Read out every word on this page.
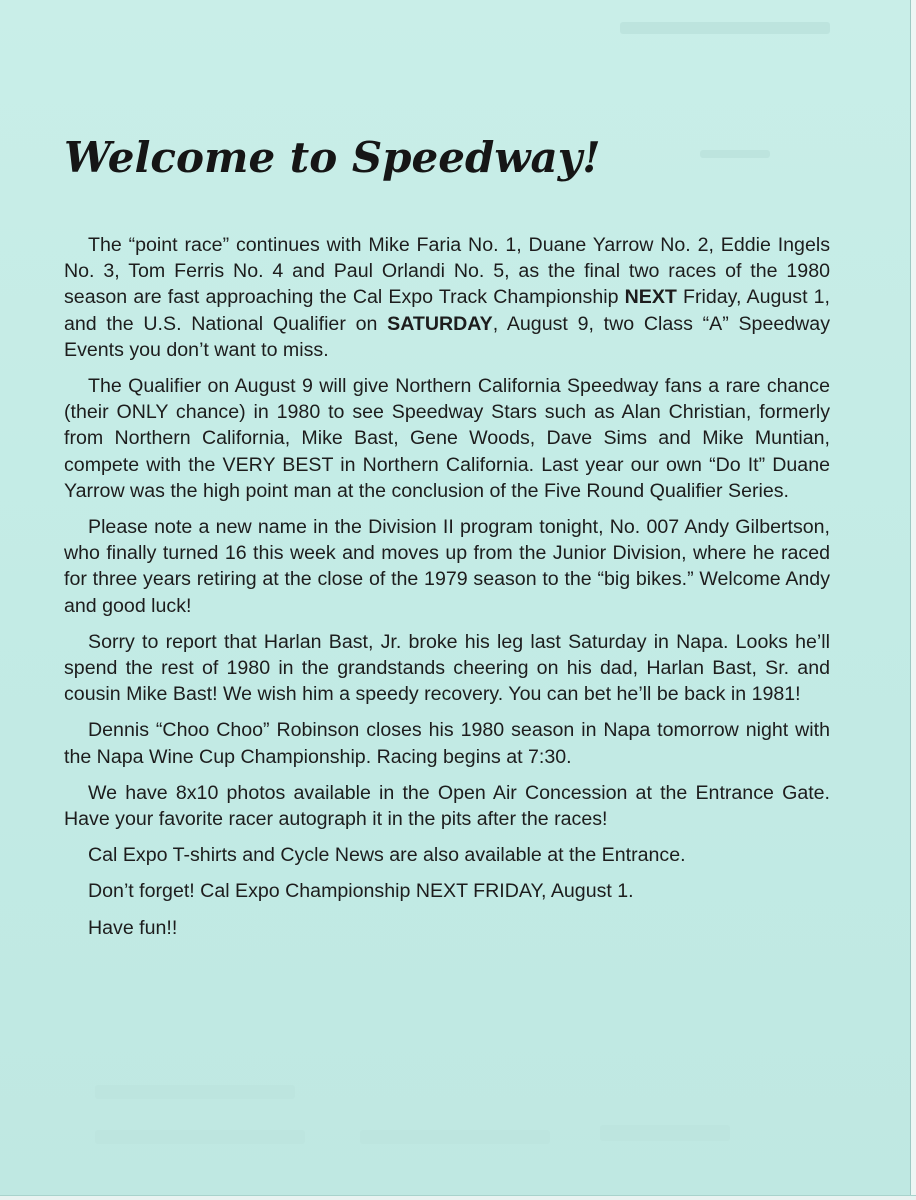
Welcome to Speedway!

The “point race” continues with Mike Faria No. 1, Duane Yarrow No. 2, Eddie Ingels No. 3, Tom Ferris No. 4 and Paul Orlandi No. 5, as the final two races of the 1980 season are fast approaching the Cal Expo Track Championship NEXT Friday, August 1, and the U.S. National Qualifier on SATURDAY, August 9, two Class “A” Speedway Events you don’t want to miss.

The Qualifier on August 9 will give Northern California Speedway fans a rare chance (their ONLY chance) in 1980 to see Speedway Stars such as Alan Christian, formerly from Northern California, Mike Bast, Gene Woods, Dave Sims and Mike Muntian, compete with the VERY BEST in Northern California. Last year our own “Do It” Duane Yarrow was the high point man at the conclusion of the Five Round Qualifier Series.

Please note a new name in the Division II program tonight, No. 007 Andy Gilbertson, who finally turned 16 this week and moves up from the Junior Division, where he raced for three years retiring at the close of the 1979 season to the “big bikes.” Welcome Andy and good luck!

Sorry to report that Harlan Bast, Jr. broke his leg last Saturday in Napa. Looks he’ll spend the rest of 1980 in the grandstands cheering on his dad, Harlan Bast, Sr. and cousin Mike Bast! We wish him a speedy recovery. You can bet he’ll be back in 1981!

Dennis “Choo Choo” Robinson closes his 1980 season in Napa tomorrow night with the Napa Wine Cup Championship. Racing begins at 7:30.

We have 8x10 photos available in the Open Air Concession at the Entrance Gate. Have your favorite racer autograph it in the pits after the races!

Cal Expo T-shirts and Cycle News are also available at the Entrance.

Don’t forget! Cal Expo Championship NEXT FRIDAY, August 1.

Have fun!!
